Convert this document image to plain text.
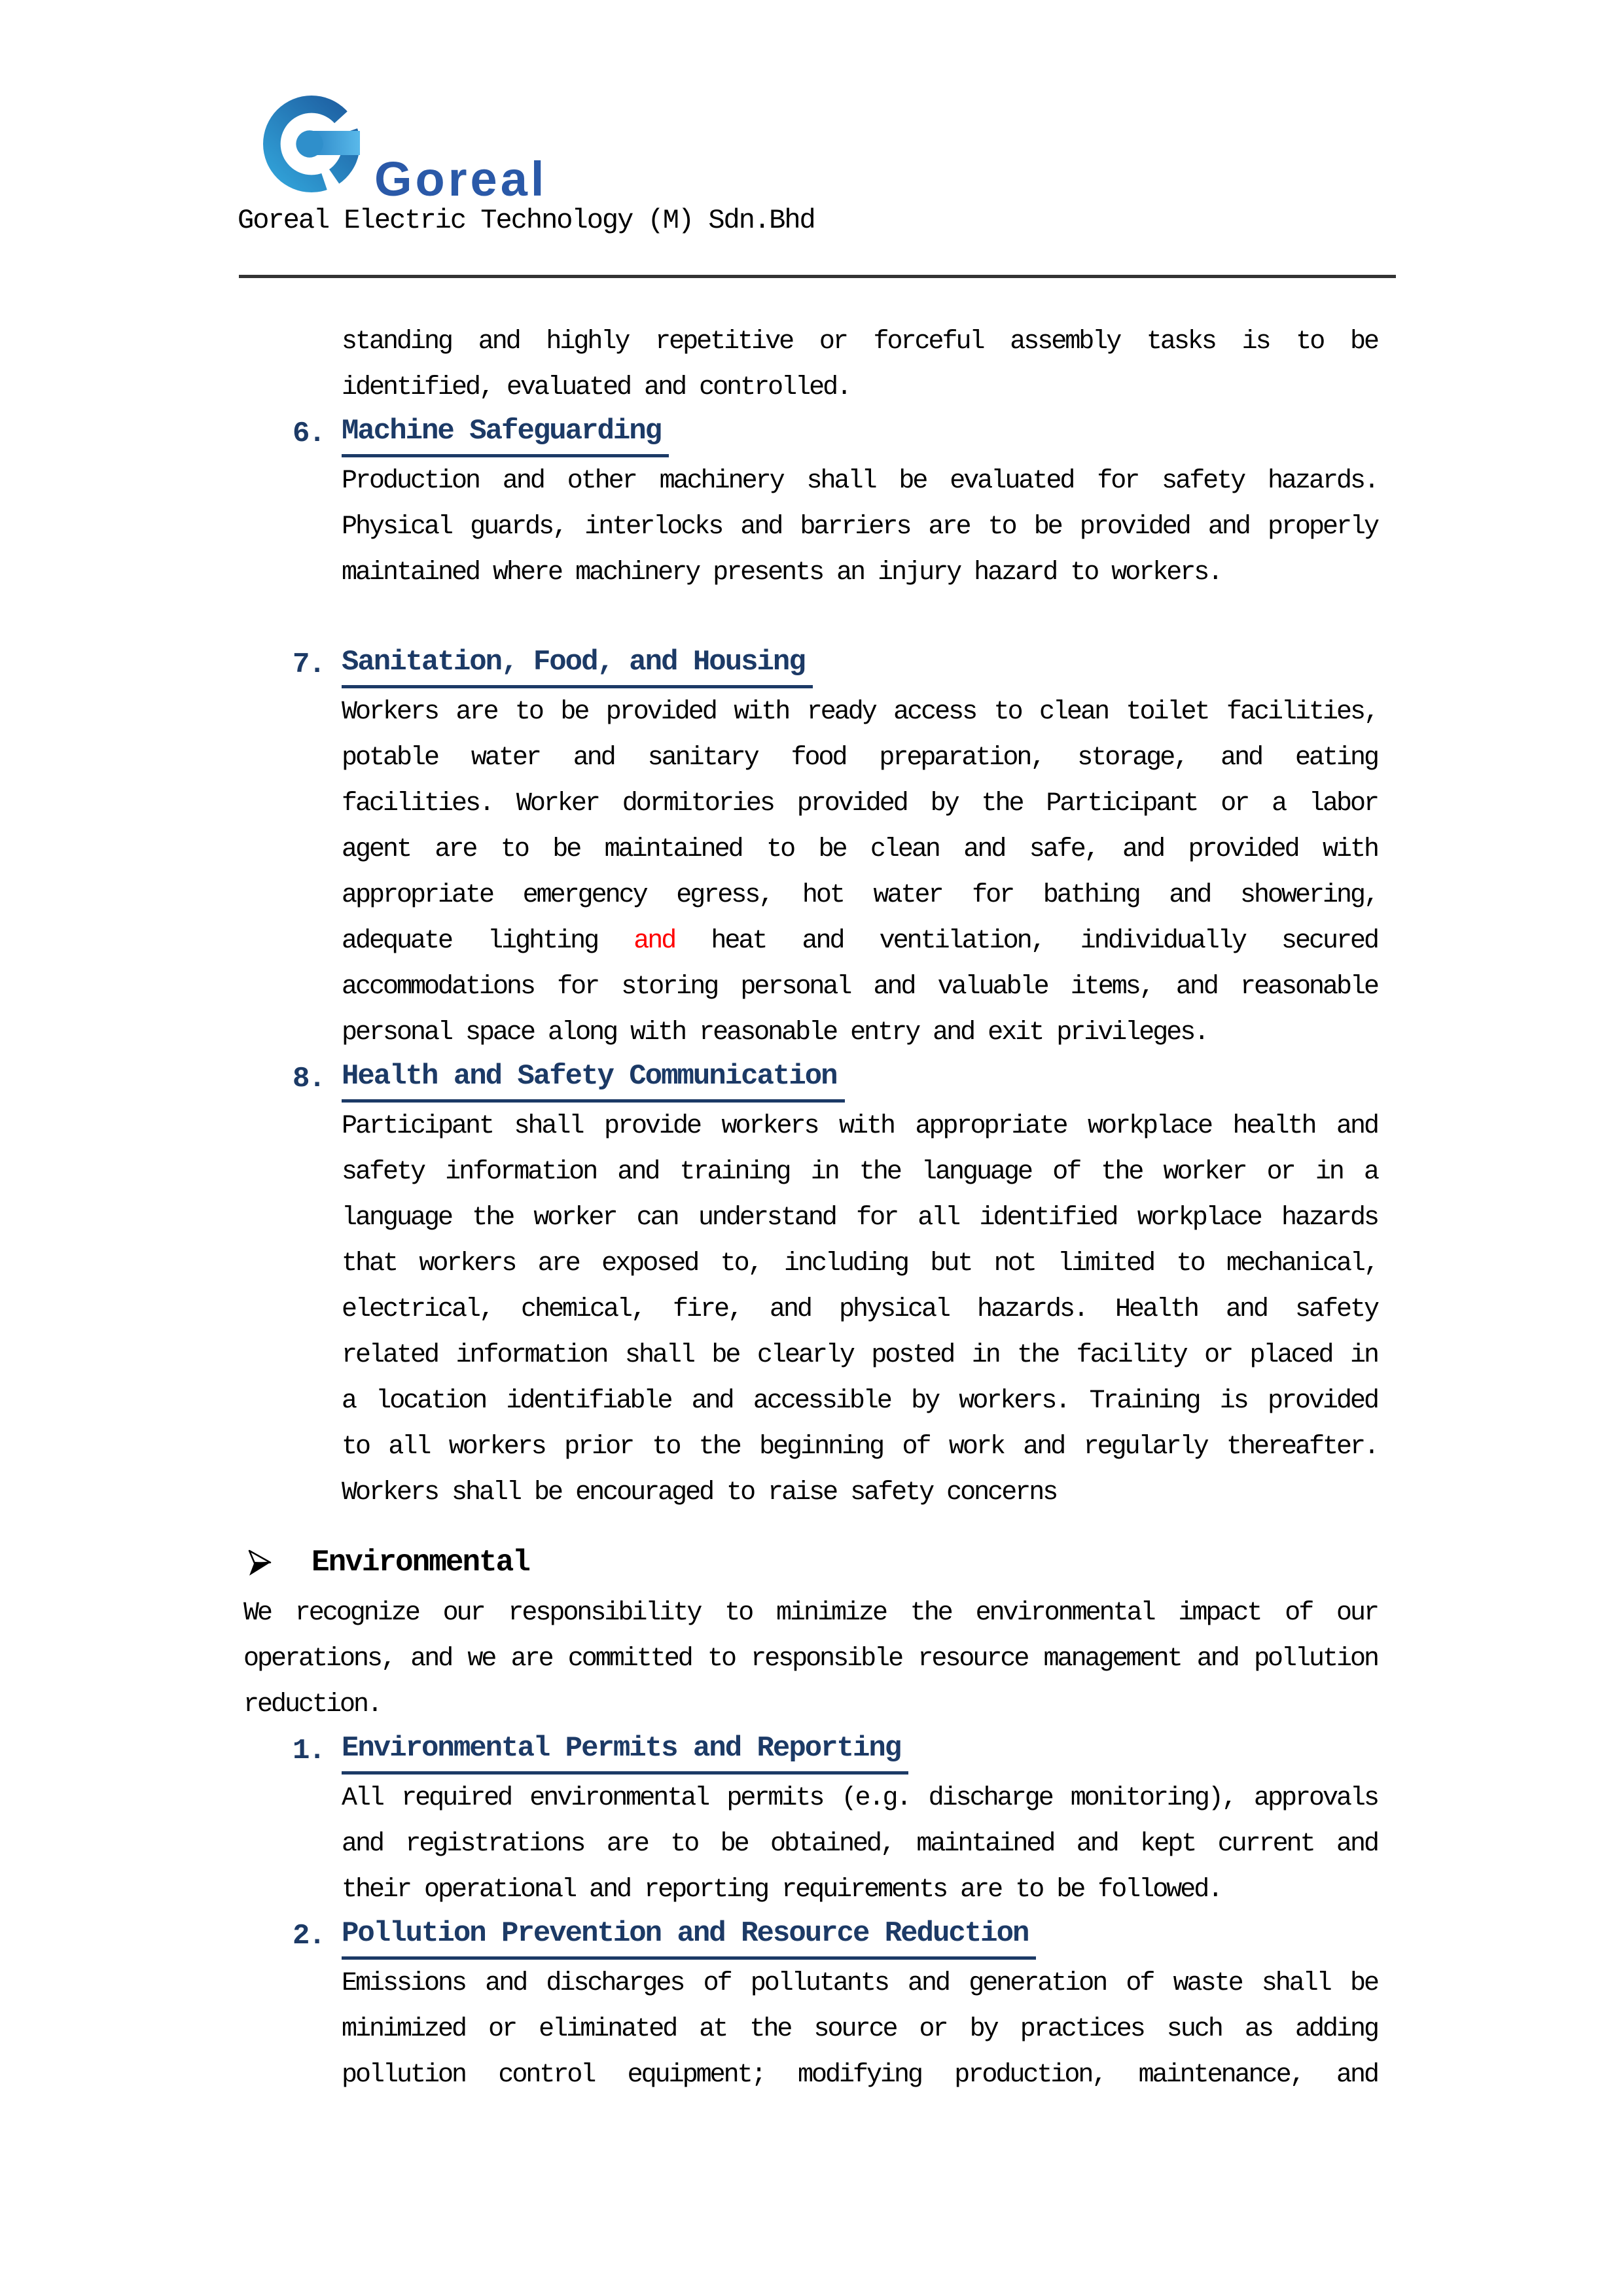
Goreal
Goreal Electric Technology (M) Sdn.Bhd
standing and highly repetitive or forceful assembly tasks is to be
identified, evaluated and controlled.
6. Machine Safeguarding
Production and other machinery shall be evaluated for safety hazards.
Physical guards, interlocks and barriers are to be provided and properly
maintained where machinery presents an injury hazard to workers.
7. Sanitation, Food, and Housing
Workers are to be provided with ready access to clean toilet facilities,
potable water and sanitary food preparation, storage, and eating
facilities. Worker dormitories provided by the Participant or a labor
agent are to be maintained to be clean and safe, and provided with
appropriate emergency egress, hot water for bathing and showering,
adequate lighting and heat and ventilation, individually secured
accommodations for storing personal and valuable items, and reasonable
personal space along with reasonable entry and exit privileges.
8. Health and Safety Communication
Participant shall provide workers with appropriate workplace health and
safety information and training in the language of the worker or in a
language the worker can understand for all identified workplace hazards
that workers are exposed to, including but not limited to mechanical,
electrical, chemical, fire, and physical hazards. Health and safety
related information shall be clearly posted in the facility or placed in
a location identifiable and accessible by workers. Training is provided
to all workers prior to the beginning of work and regularly thereafter.
Workers shall be encouraged to raise safety concerns
Environmental
We recognize our responsibility to minimize the environmental impact of our
operations, and we are committed to responsible resource management and pollution
reduction.
1. Environmental Permits and Reporting
All required environmental permits (e.g. discharge monitoring), approvals
and registrations are to be obtained, maintained and kept current and
their operational and reporting requirements are to be followed.
2. Pollution Prevention and Resource Reduction
Emissions and discharges of pollutants and generation of waste shall be
minimized or eliminated at the source or by practices such as adding
pollution control equipment; modifying production, maintenance, and
